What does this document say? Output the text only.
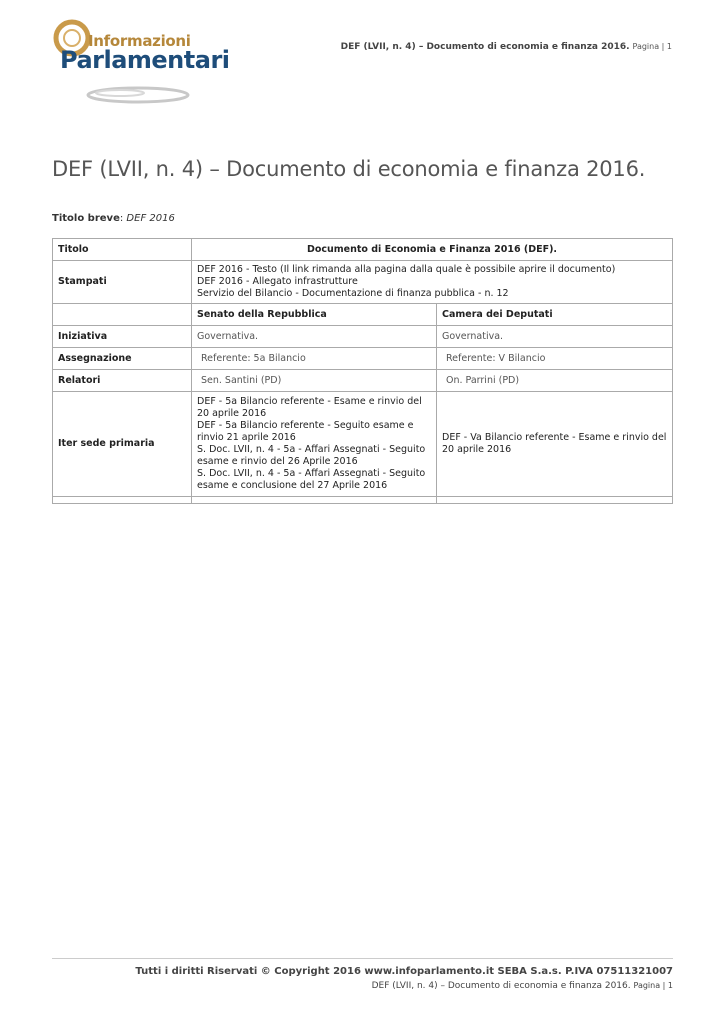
Informazioni
Parlamentari	DEF (LVII, n. 4) – Documento di economia e finanza 2016. Pagina | 1
DEF (LVII, n. 4) – Documento di economia e finanza 2016.
Titolo breve: DEF 2016
Titolo	Documento di Economia e Finanza 2016 (DEF).	
Stampati	DEF 2016 - Testo (Il link rimanda alla pagina dalla quale è possibile aprire il documento)
DEF 2016 - Allegato infrastrutture
Servizio del Bilancio - Documentazione di finanza pubblica - n. 12	

	Senato della Repubblica	Camera dei Deputati
Iniziativa	Governativa.	Governativa.
Assegnazione	Referente: 5a Bilancio	Referente: V Bilancio
Relatori	Sen. Santini (PD)	On. Parrini (PD)
Iter sede primaria	DEF - 5a Bilancio referente - Esame e rinvio del 20 aprile 2016
DEF - 5a Bilancio referente - Seguito esame e rinvio 21 aprile 2016
S. Doc. LVII, n. 4 - 5a - Affari Assegnati - Seguito esame e rinvio del 26 Aprile 2016
S. Doc. LVII, n. 4 - 5a - Affari Assegnati - Seguito esame e conclusione del 27 Aprile 2016	DEF - Va Bilancio referente - Esame e rinvio del 20 aprile 2016

Tutti i diritti Riservati © Copyright 2016 www.infoparlamento.it SEBA S.a.s. P.IVA 07511321007
DEF (LVII, n. 4) – Documento di economia e finanza 2016. Pagina | 1
